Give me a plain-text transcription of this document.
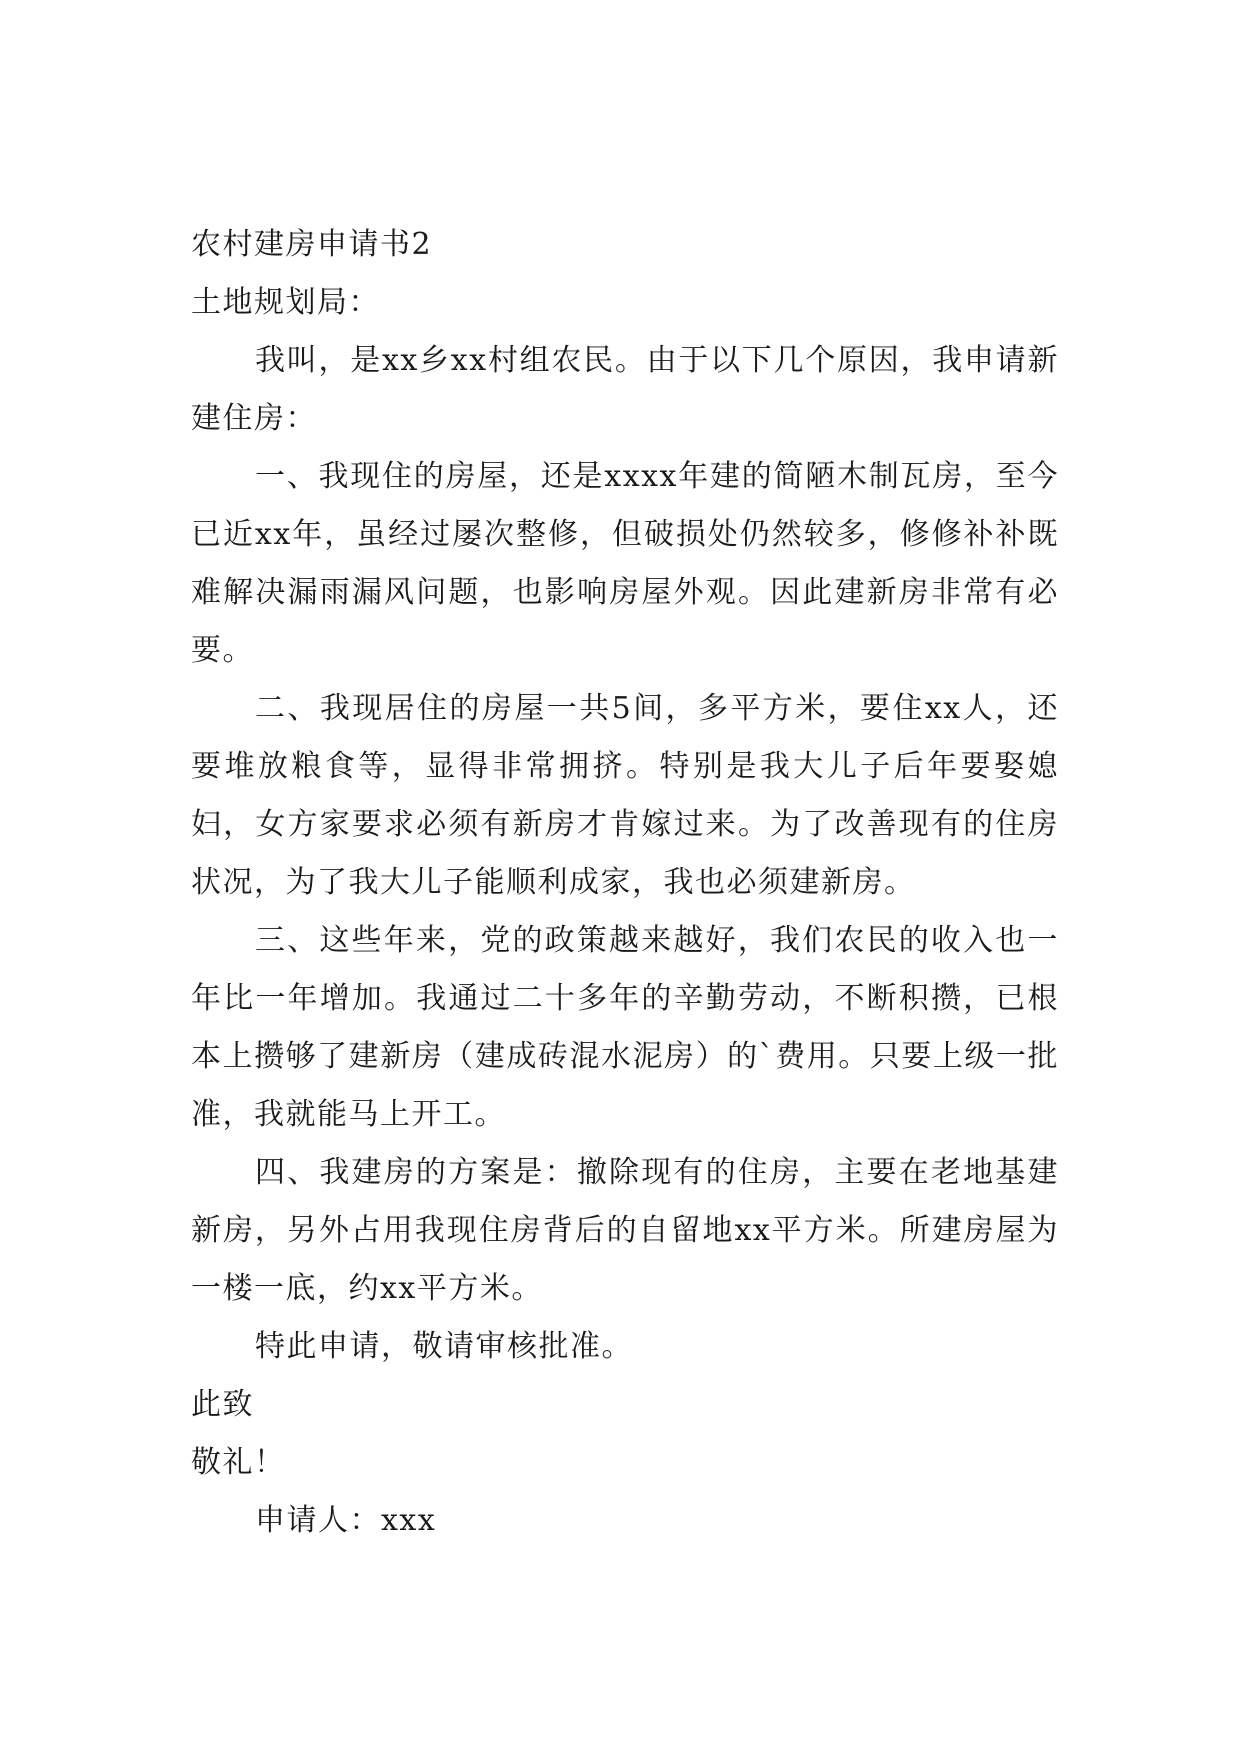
农村建房申请书2

土地规划局：

我叫，是xx乡xx村组农民。由于以下几个原因，我申请新建住房：

一、我现住的房屋，还是xxxx年建的简陋木制瓦房，至今已近xx年，虽经过屡次整修，但破损处仍然较多，修修补补既难解决漏雨漏风问题，也影响房屋外观。因此建新房非常有必要。

二、我现居住的房屋一共5间，多平方米，要住xx人，还要堆放粮食等，显得非常拥挤。特别是我大儿子后年要娶媳妇，女方家要求必须有新房才肯嫁过来。为了改善现有的住房状况，为了我大儿子能顺利成家，我也必须建新房。

三、这些年来，党的政策越来越好，我们农民的收入也一年比一年增加。我通过二十多年的辛勤劳动，不断积攒，已根本上攒够了建新房（建成砖混水泥房）的`费用。只要上级一批准，我就能马上开工。

四、我建房的方案是：撤除现有的住房，主要在老地基建新房，另外占用我现住房背后的自留地xx平方米。所建房屋为一楼一底，约xx平方米。

特此申请，敬请审核批准。

此致

敬礼！

申请人：xxx
